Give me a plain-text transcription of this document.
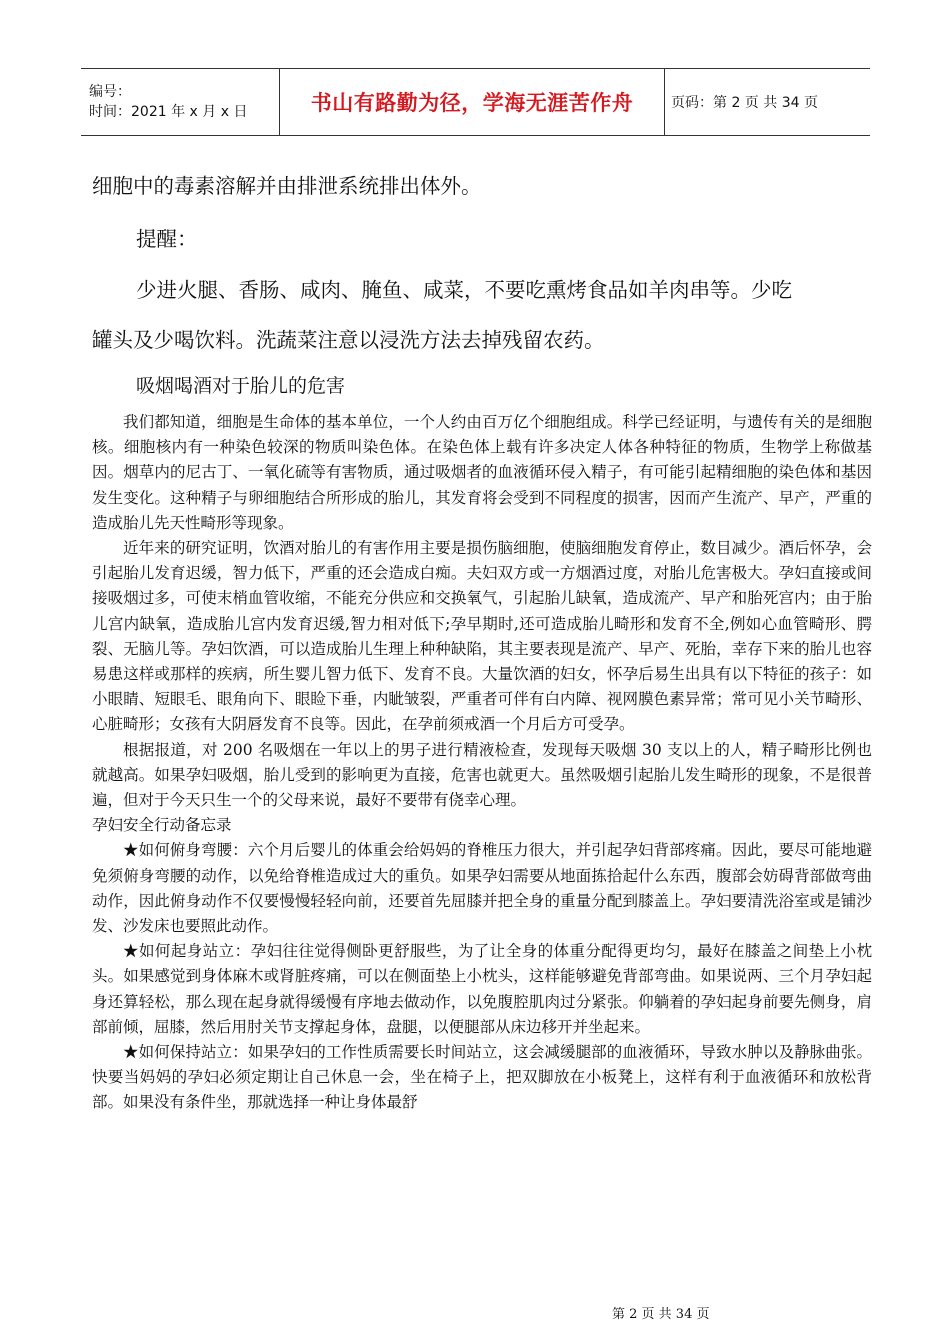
编号：
时间：2021 年 x 月 x 日	书山有路勤为径，学海无涯苦作舟	页码：第 2 页 共 34 页

细胞中的毒素溶解并由排泄系统排出体外。

提醒：

少进火腿、香肠、咸肉、腌鱼、咸菜，不要吃熏烤食品如羊肉串等。少吃

罐头及少喝饮料。洗蔬菜注意以浸洗方法去掉残留农药。

吸烟喝酒对于胎儿的危害

我们都知道，细胞是生命体的基本单位，一个人约由百万亿个细胞组成。科学已经证明，与遗传有关的是细胞核。细胞核内有一种染色较深的物质叫染色体。在染色体上载有许多决定人体各种特征的物质，生物学上称做基因。烟草内的尼古丁、一氧化硫等有害物质，通过吸烟者的血液循环侵入精子，有可能引起精细胞的染色体和基因发生变化。这种精子与卵细胞结合所形成的胎儿，其发育将会受到不同程度的损害，因而产生流产、早产，严重的造成胎儿先天性畸形等现象。

近年来的研究证明，饮酒对胎儿的有害作用主要是损伤脑细胞，使脑细胞发育停止，数目减少。酒后怀孕，会引起胎儿发育迟缓，智力低下，严重的还会造成白痴。夫妇双方或一方烟酒过度，对胎儿危害极大。孕妇直接或间接吸烟过多，可使末梢血管收缩，不能充分供应和交换氧气，引起胎儿缺氧，造成流产、早产和胎死宫内；由于胎儿宫内缺氧，造成胎儿宫内发育迟缓,智力相对低下;孕早期时,还可造成胎儿畸形和发育不全,例如心血管畸形、腭裂、无脑儿等。孕妇饮酒，可以造成胎儿生理上种种缺陷，其主要表现是流产、早产、死胎，幸存下来的胎儿也容易患这样或那样的疾病，所生婴儿智力低下、发育不良。大量饮酒的妇女，怀孕后易生出具有以下特征的孩子：如小眼睛、短眼毛、眼角向下、眼睑下垂，内眦皱裂，严重者可伴有白内障、视网膜色素异常；常可见小关节畸形、心脏畸形；女孩有大阴唇发育不良等。因此，在孕前须戒酒一个月后方可受孕。

根据报道，对 200 名吸烟在一年以上的男子进行精液检查，发现每天吸烟 30 支以上的人，精子畸形比例也就越高。如果孕妇吸烟，胎儿受到的影响更为直接，危害也就更大。虽然吸烟引起胎儿发生畸形的现象，不是很普遍，但对于今天只生一个的父母来说，最好不要带有侥幸心理。

孕妇安全行动备忘录

★如何俯身弯腰：六个月后婴儿的体重会给妈妈的脊椎压力很大，并引起孕妇背部疼痛。因此，要尽可能地避免须俯身弯腰的动作，以免给脊椎造成过大的重负。如果孕妇需要从地面拣拾起什么东西，腹部会妨碍背部做弯曲动作，因此俯身动作不仅要慢慢轻轻向前，还要首先屈膝并把全身的重量分配到膝盖上。孕妇要清洗浴室或是铺沙发、沙发床也要照此动作。

★如何起身站立：孕妇往往觉得侧卧更舒服些，为了让全身的体重分配得更均匀，最好在膝盖之间垫上小枕头。如果感觉到身体麻木或肾脏疼痛，可以在侧面垫上小枕头，这样能够避免背部弯曲。如果说两、三个月孕妇起身还算轻松，那么现在起身就得缓慢有序地去做动作，以免腹腔肌肉过分紧张。仰躺着的孕妇起身前要先侧身，肩部前倾，屈膝，然后用肘关节支撑起身体，盘腿，以便腿部从床边移开并坐起来。

★如何保持站立：如果孕妇的工作性质需要长时间站立，这会减缓腿部的血液循环，导致水肿以及静脉曲张。快要当妈妈的孕妇必须定期让自己休息一会，坐在椅子上，把双脚放在小板凳上，这样有利于血液循环和放松背部。如果没有条件坐，那就选择一种让身体最舒

第 2 页 共 34 页
